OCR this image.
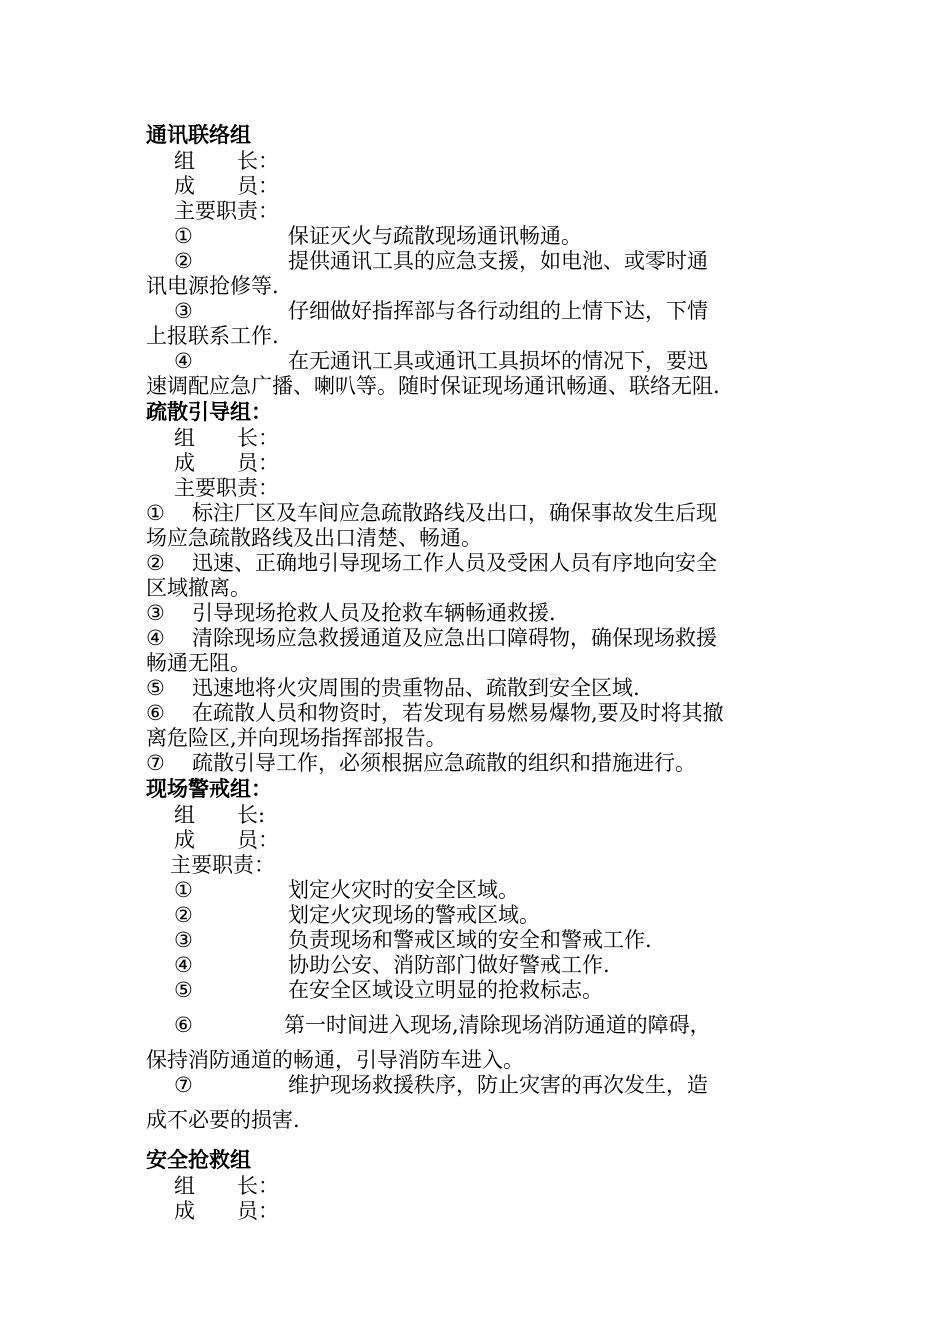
通讯联络组
组　　长：
成　　员：
主要职责：
①	保证灭火与疏散现场通讯畅通。
②	提供通讯工具的应急支援，如电池、或零时通
讯电源抢修等.
③	仔细做好指挥部与各行动组的上情下达，下情
上报联系工作.
④	在无通讯工具或通讯工具损坏的情况下，要迅
速调配应急广播、喇叭等。随时保证现场通讯畅通、联络无阻.
疏散引导组：
组　　长：
成　　员：
主要职责：
① 标注厂区及车间应急疏散路线及出口，确保事故发生后现
场应急疏散路线及出口清楚、畅通。
② 迅速、正确地引导现场工作人员及受困人员有序地向安全
区域撤离。
③ 引导现场抢救人员及抢救车辆畅通救援.
④ 清除现场应急救援通道及应急出口障碍物，确保现场救援
畅通无阻。
⑤ 迅速地将火灾周围的贵重物品、疏散到安全区域.
⑥ 在疏散人员和物资时，若发现有易燃易爆物,要及时将其撤
离危险区,并向现场指挥部报告。
⑦ 疏散引导工作，必须根据应急疏散的组织和措施进行。
现场警戒组：
组　　长:
成　　员：
主要职责：
①	划定火灾时的安全区域。
②	划定火灾现场的警戒区域。
③	负责现场和警戒区域的安全和警戒工作.
④	协助公安、消防部门做好警戒工作.
⑤	在安全区域设立明显的抢救标志。
⑥	第一时间进入现场,清除现场消防通道的障碍，
保持消防通道的畅通，引导消防车进入。
⑦	维护现场救援秩序，防止灾害的再次发生，造
成不必要的损害.
安全抢救组
组　　长：
成　　员：
